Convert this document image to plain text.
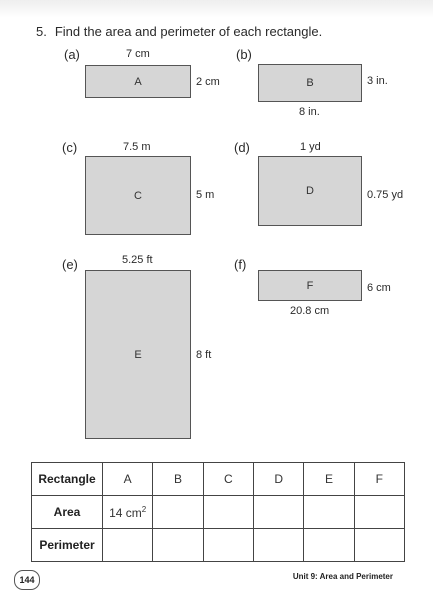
5. Find the area and perimeter of each rectangle.
(a)	7 cm
A	2 cm
(b)
B	3 in.
8 in.
(c)	7.5 m
C	5 m
(d)	1 yd
D	0.75 yd
(e)	5.25 ft
E	8 ft
(f)
F	6 cm
20.8 cm
Rectangle	A	B	C	D	E	F
Area	14 $cm^2$					
Perimeter						
144	Unit 9: Area and Perimeter
